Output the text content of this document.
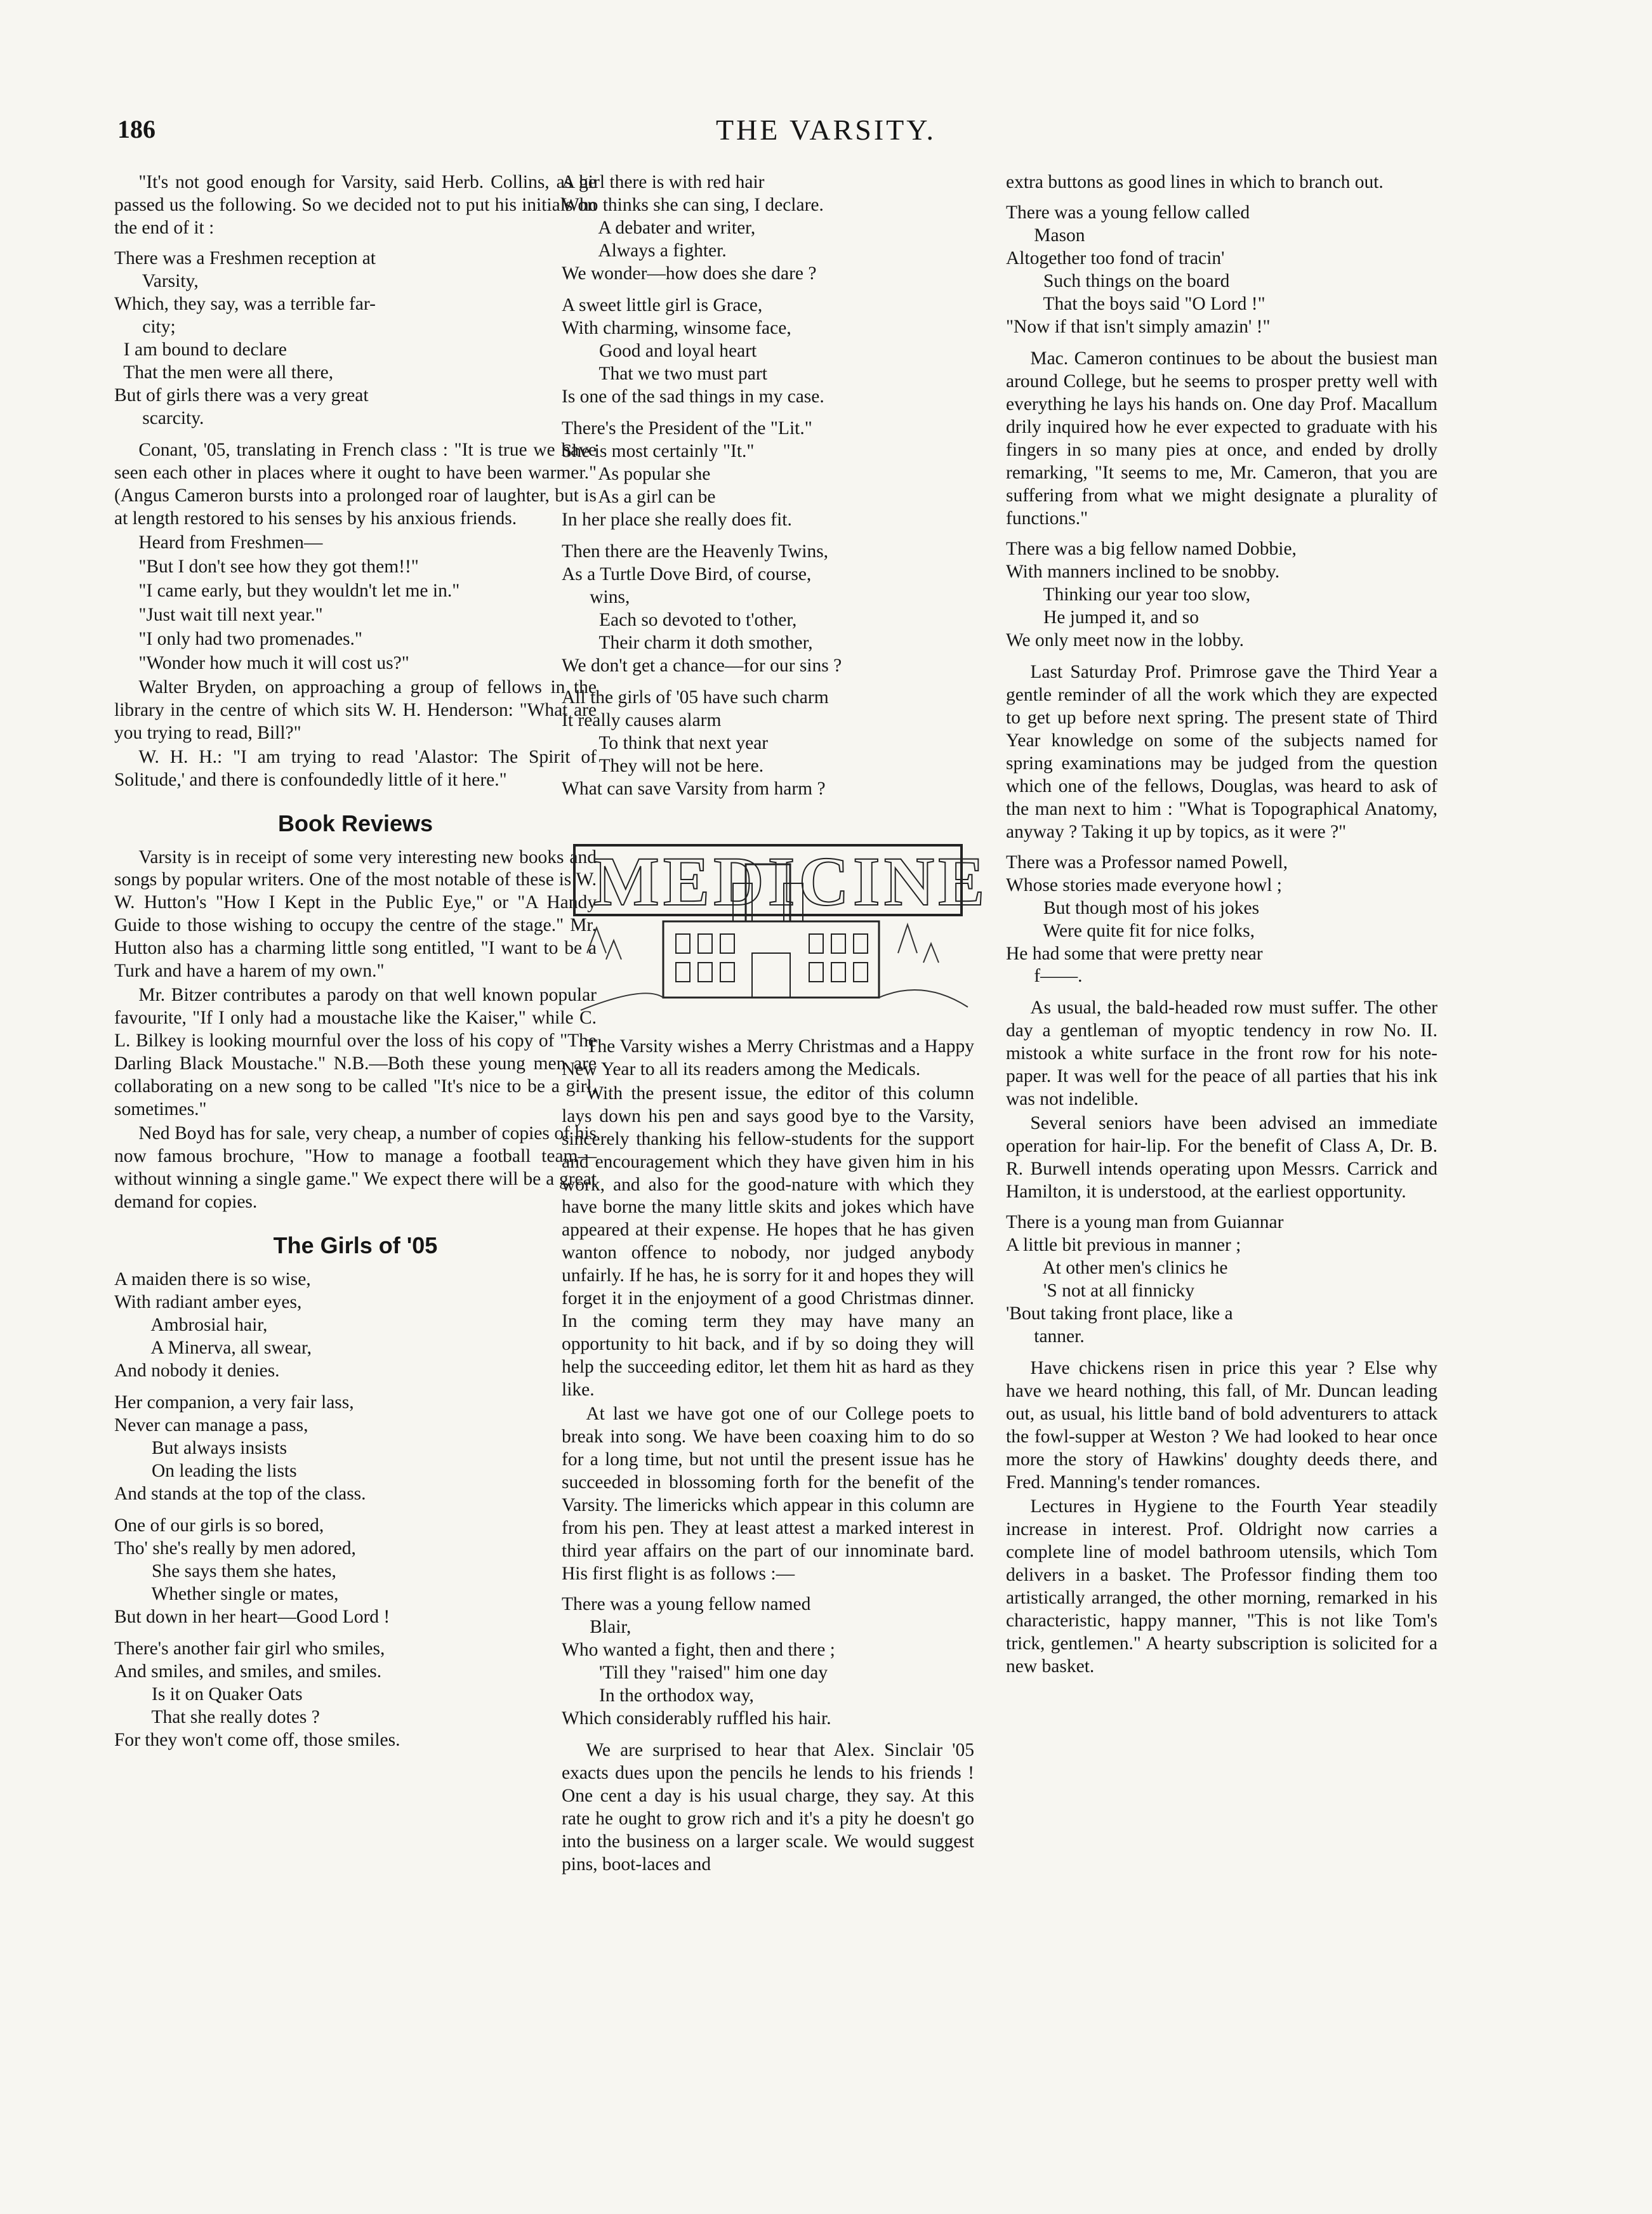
186	THE VARSITY.

"It's not good enough for Varsity, said Herb. Collins, as he passed us the following. So we decided not to put his initials on the end of it :

There was a Freshmen reception at
Varsity,
Which, they say, was a terrible far-
city;
I am bound to declare
That the men were all there,
But of girls there was a very great
scarcity.

Conant, '05, translating in French class : "It is true we have seen each other in places where it ought to have been warmer." (Angus Cameron bursts into a prolonged roar of laughter, but is at length restored to his senses by his anxious friends.

Heard from Freshmen—

"But I don't see how they got them!!"

"I came early, but they wouldn't let me in."

"Just wait till next year."

"I only had two promenades."

"Wonder how much it will cost us?"

Walter Bryden, on approaching a group of fellows in the library in the centre of which sits W. H. Henderson: "What are you trying to read, Bill?"

W. H. H.: "I am trying to read 'Alastor: The Spirit of Solitude,' and there is confoundedly little of it here."

Book Reviews

Varsity is in receipt of some very interesting new books and songs by popular writers. One of the most notable of these is W. W. Hutton's "How I Kept in the Public Eye," or "A Handy Guide to those wishing to occupy the centre of the stage." Mr. Hutton also has a charming little song entitled, "I want to be a Turk and have a harem of my own."

Mr. Bitzer contributes a parody on that well known popular favourite, "If I only had a moustache like the Kaiser," while C. L. Bilkey is looking mournful over the loss of his copy of "The Darling Black Moustache." N.B.—Both these young men are collaborating on a new song to be called "It's nice to be a girl, sometimes."

Ned Boyd has for sale, very cheap, a number of copies of his now famous brochure, "How to manage a football team—without winning a single game." We expect there will be a great demand for copies.

The Girls of '05
A maiden there is so wise,
With radiant amber eyes,
Ambrosial hair,
A Minerva, all swear,
And nobody it denies.
Her companion, a very fair lass,
Never can manage a pass,
But always insists
On leading the lists
And stands at the top of the class.
One of our girls is so bored,
Tho' she's really by men adored,
She says them she hates,
Whether single or mates,
But down in her heart—Good Lord !
There's another fair girl who smiles,
And smiles, and smiles, and smiles.
Is it on Quaker Oats
That she really dotes ?
For they won't come off, those smiles.
A girl there is with red hair
Who thinks she can sing, I declare.
A debater and writer,
Always a fighter.
We wonder—how does she dare ?
A sweet little girl is Grace,
With charming, winsome face,
Good and loyal heart
That we two must part
Is one of the sad things in my case.
There's the President of the "Lit."
She is most certainly "It."
As popular she
As a girl can be
In her place she really does fit.
Then there are the Heavenly Twins,
As a Turtle Dove Bird, of course,
wins,
Each so devoted to t'other,
Their charm it doth smother,
We don't get a chance—for our sins ?
All the girls of '05 have such charm
It really causes alarm
To think that next year
They will not be here.
What can save Varsity from harm ?
MEDICINE

The Varsity wishes a Merry Christmas and a Happy New Year to all its readers among the Medicals.

With the present issue, the editor of this column lays down his pen and says good bye to the Varsity, sincerely thanking his fellow-students for the support and encouragement which they have given him in his work, and also for the good-nature with which they have borne the many little skits and jokes which have appeared at their expense. He hopes that he has given wanton offence to nobody, nor judged anybody unfairly. If he has, he is sorry for it and hopes they will forget it in the enjoyment of a good Christmas dinner. In the coming term they may have many an opportunity to hit back, and if by so doing they will help the succeeding editor, let them hit as hard as they like.

At last we have got one of our College poets to break into song. We have been coaxing him to do so for a long time, but not until the present issue has he succeeded in blossoming forth for the benefit of the Varsity. The limericks which appear in this column are from his pen. They at least attest a marked interest in third year affairs on the part of our innominate bard. His first flight is as follows :—

There was a young fellow named
Blair,
Who wanted a fight, then and there ;
'Till they "raised" him one day
In the orthodox way,
Which considerably ruffled his hair.

We are surprised to hear that Alex. Sinclair '05 exacts dues upon the pencils he lends to his friends ! One cent a day is his usual charge, they say. At this rate he ought to grow rich and it's a pity he doesn't go into the business on a larger scale. We would suggest pins, boot-laces and

extra buttons as good lines in which to branch out.

There was a young fellow called
Mason
Altogether too fond of tracin'
Such things on the board
That the boys said "O Lord !"
"Now if that isn't simply amazin' !"

Mac. Cameron continues to be about the busiest man around College, but he seems to prosper pretty well with everything he lays his hands on. One day Prof. Macallum drily inquired how he ever expected to graduate with his fingers in so many pies at once, and ended by drolly remarking, "It seems to me, Mr. Cameron, that you are suffering from what we might designate a plurality of functions."

There was a big fellow named Dobbie,
With manners inclined to be snobby.
Thinking our year too slow,
He jumped it, and so
We only meet now in the lobby.

Last Saturday Prof. Primrose gave the Third Year a gentle reminder of all the work which they are expected to get up before next spring. The present state of Third Year knowledge on some of the subjects named for spring examinations may be judged from the question which one of the fellows, Douglas, was heard to ask of the man next to him : "What is Topographical Anatomy, anyway ? Taking it up by topics, as it were ?"

There was a Professor named Powell,
Whose stories made everyone howl ;
But though most of his jokes
Were quite fit for nice folks,
He had some that were pretty near
f——.

As usual, the bald-headed row must suffer. The other day a gentleman of myoptic tendency in row No. II. mistook a white surface in the front row for his note-paper. It was well for the peace of all parties that his ink was not indelible.

Several seniors have been advised an immediate operation for hair-lip. For the benefit of Class A, Dr. B. R. Burwell intends operating upon Messrs. Carrick and Hamilton, it is understood, at the earliest opportunity.

There is a young man from Guiannar
A little bit previous in manner ;
At other men's clinics he
'S not at all finnicky
'Bout taking front place, like a
tanner.

Have chickens risen in price this year ? Else why have we heard nothing, this fall, of Mr. Duncan leading out, as usual, his little band of bold adventurers to attack the fowl-supper at Weston ? We had looked to hear once more the story of Hawkins' doughty deeds there, and Fred. Manning's tender romances.

Lectures in Hygiene to the Fourth Year steadily increase in interest. Prof. Oldright now carries a complete line of model bathroom utensils, which Tom delivers in a basket. The Professor finding them too artistically arranged, the other morning, remarked in his characteristic, happy manner, "This is not like Tom's trick, gentlemen." A hearty subscription is solicited for a new basket.
